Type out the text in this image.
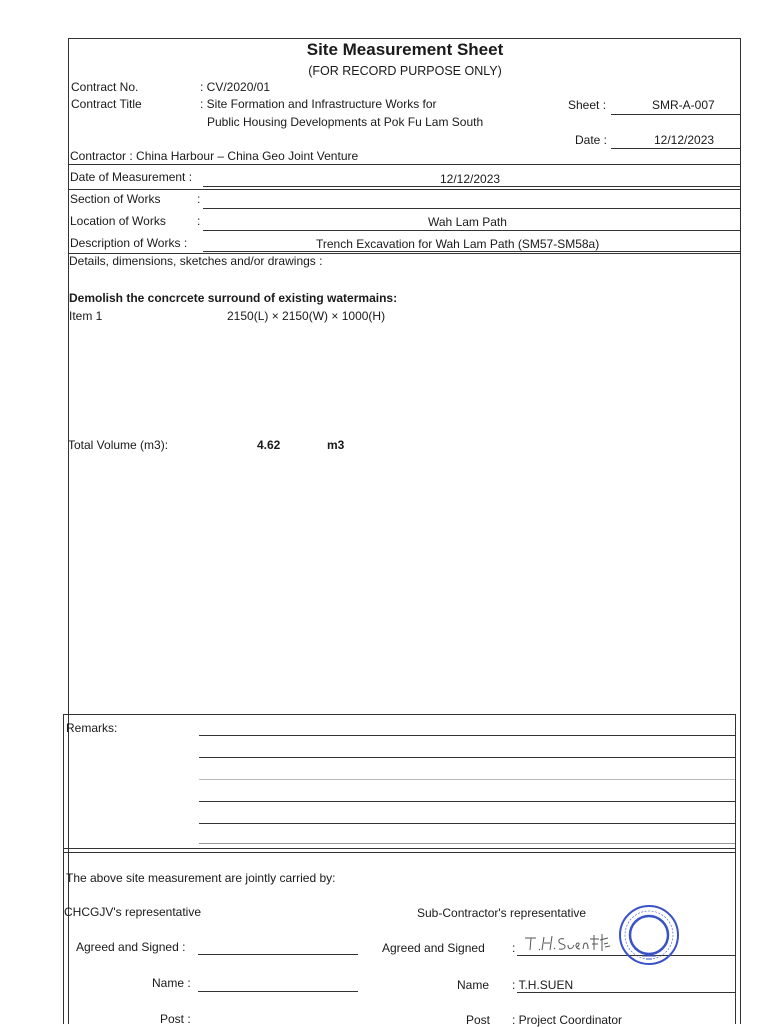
Site Measurement Sheet
(FOR RECORD PURPOSE ONLY)
Contract No.	: CV/2020/01
Contract Title	: Site Formation and Infrastructure Works for
Public Housing Developments at Pok Fu Lam South
Sheet :	SMR-A-007
Date :	12/12/2023
Contractor : China Harbour – China Geo Joint Venture
Date of Measurement :	12/12/2023
Section of Works	:
Location of Works	:	Wah Lam Path
Description of Works :	Trench Excavation for Wah Lam Path (SM57-SM58a)
Details, dimensions, sketches and/or drawings :
Demolish the concrcete surround of existing watermains:
Item 1	2150(L) × 2150(W) × 1000(H)
Total Volume (m3):	4.62	m3
Remarks:
The above site measurement are jointly carried by:
CHCGJV's representative	Sub-Contractor's representative
Agreed and Signed :	Agreed and Signed :
Name :	Name : T.H.SUEN
Post :	Post : Project Coordinator
